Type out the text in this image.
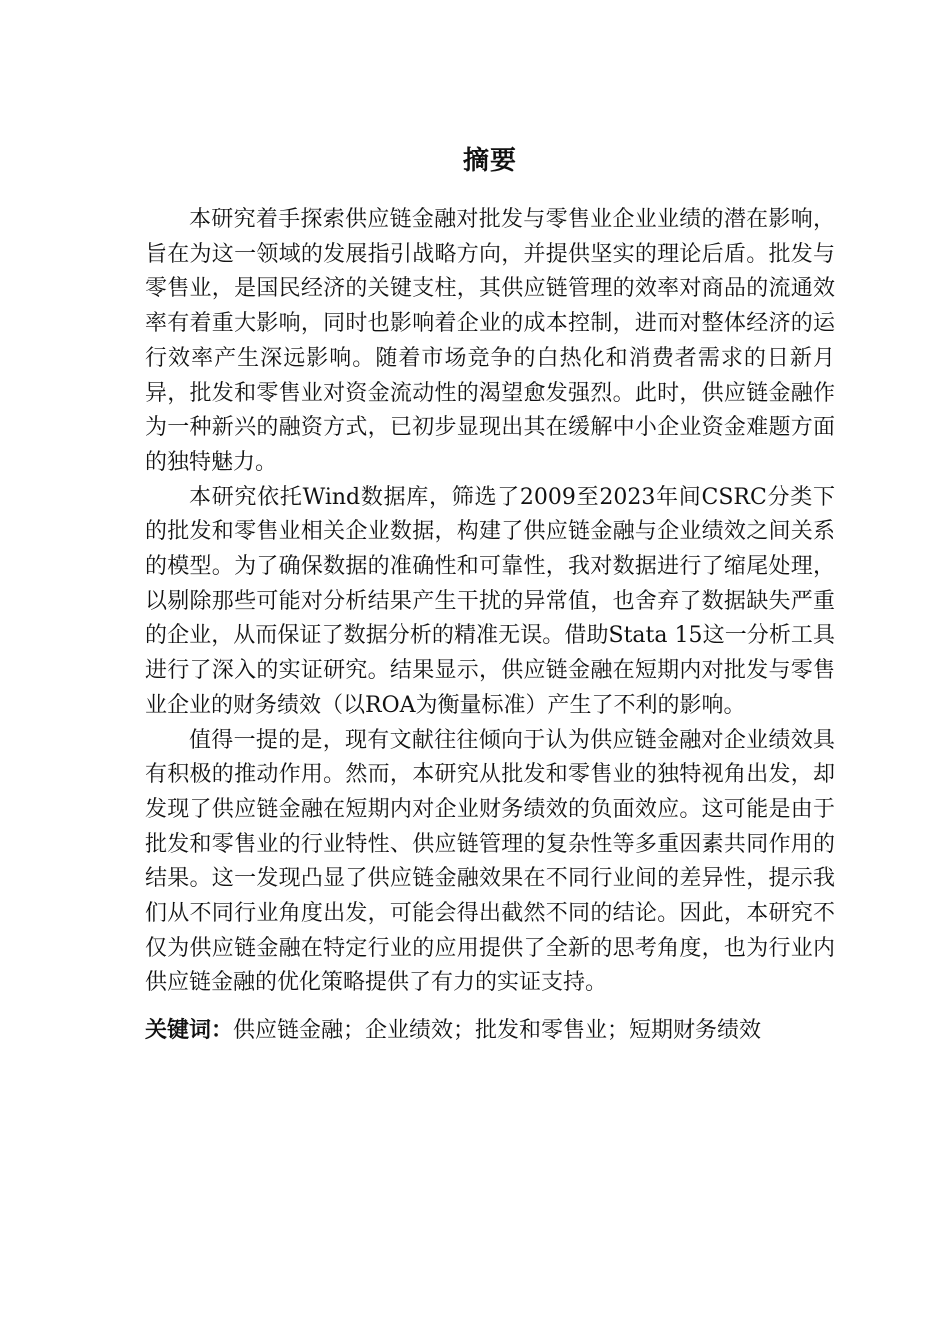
摘要

本研究着手探索供应链金融对批发与零售业企业业绩的潜在影响，旨在为这一领域的发展指引战略方向，并提供坚实的理论后盾。批发与零售业，是国民经济的关键支柱，其供应链管理的效率对商品的流通效率有着重大影响，同时也影响着企业的成本控制，进而对整体经济的运行效率产生深远影响。随着市场竞争的白热化和消费者需求的日新月异，批发和零售业对资金流动性的渴望愈发强烈。此时，供应链金融作为一种新兴的融资方式，已初步显现出其在缓解中小企业资金难题方面的独特魅力。

本研究依托Wind数据库，筛选了2009至2023年间CSRC分类下的批发和零售业相关企业数据，构建了供应链金融与企业绩效之间关系的模型。为了确保数据的准确性和可靠性，我对数据进行了缩尾处理，以剔除那些可能对分析结果产生干扰的异常值，也舍弃了数据缺失严重的企业，从而保证了数据分析的精准无误。借助Stata 15这一分析工具进行了深入的实证研究。结果显示，供应链金融在短期内对批发与零售业企业的财务绩效（以ROA为衡量标准）产生了不利的影响。

值得一提的是，现有文献往往倾向于认为供应链金融对企业绩效具有积极的推动作用。然而，本研究从批发和零售业的独特视角出发，却发现了供应链金融在短期内对企业财务绩效的负面效应。这可能是由于批发和零售业的行业特性、供应链管理的复杂性等多重因素共同作用的结果。这一发现凸显了供应链金融效果在不同行业间的差异性，提示我们从不同行业角度出发，可能会得出截然不同的结论。因此，本研究不仅为供应链金融在特定行业的应用提供了全新的思考角度，也为行业内供应链金融的优化策略提供了有力的实证支持。

关键词：供应链金融；企业绩效；批发和零售业；短期财务绩效
